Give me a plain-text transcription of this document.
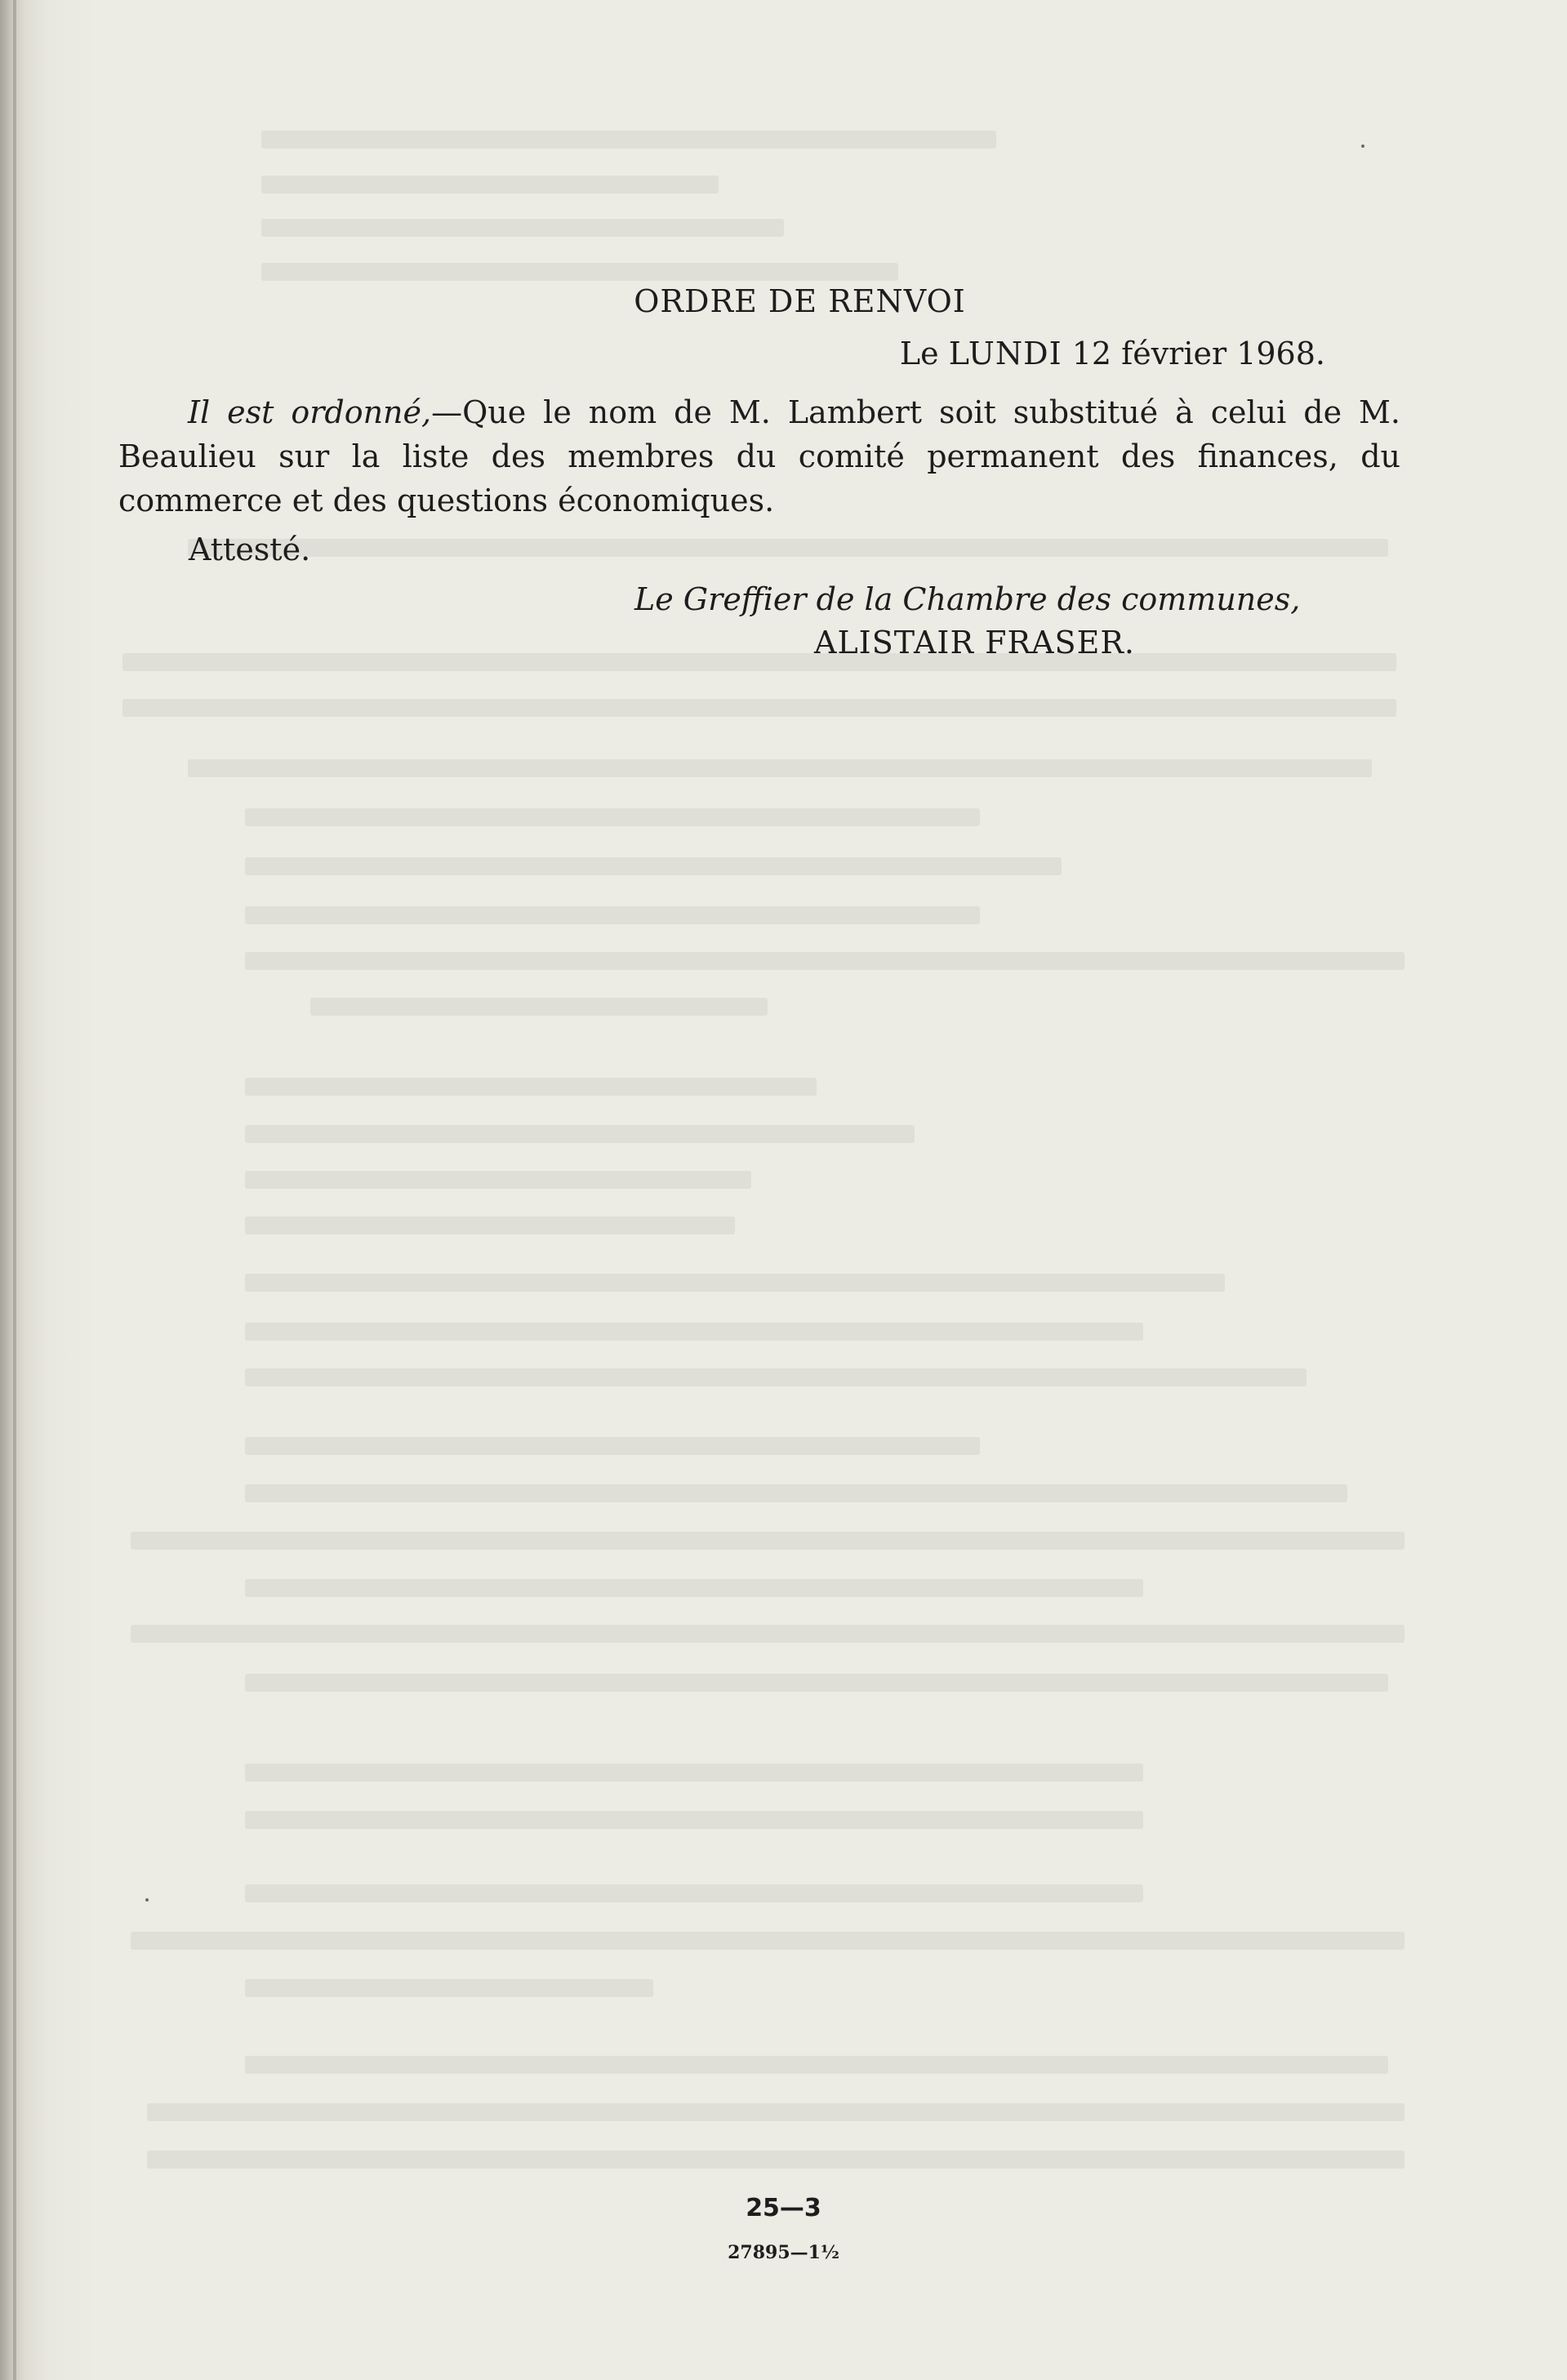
ORDRE DE RENVOI
Le LUNDI 12 février 1968.
Il est ordonné,—Que le nom de M. Lambert soit substitué à celui de M. Beaulieu sur la liste des membres du comité permanent des finances, du commerce et des questions économiques.
Attesté.
Le Greffier de la Chambre des communes,
ALISTAIR FRASER.
25—3
27895—1½
